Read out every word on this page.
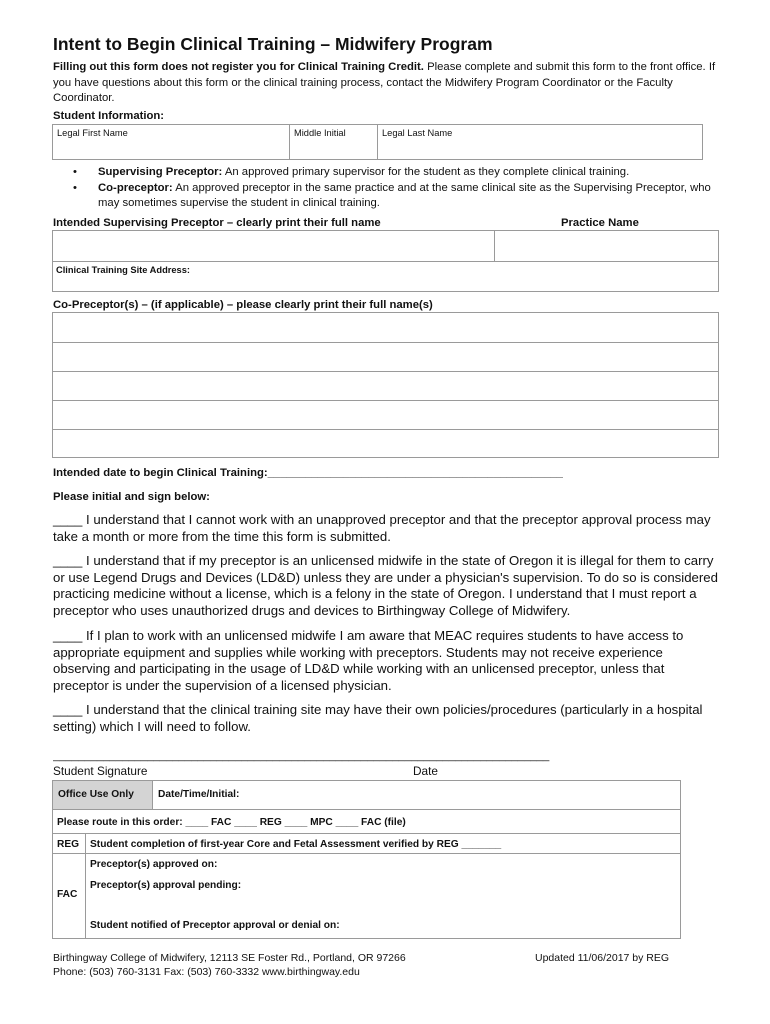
Intent to Begin Clinical Training – Midwifery Program
Filling out this form does not register you for Clinical Training Credit. Please complete and submit this form to the front office. If you have questions about this form or the clinical training process, contact the Midwifery Program Coordinator or the Faculty Coordinator.
Student Information:
Legal First Name	Middle Initial	Legal Last Name
•	Supervising Preceptor: An approved primary supervisor for the student as they complete clinical training.
•	Co-preceptor: An approved preceptor in the same practice and at the same clinical site as the Supervising Preceptor, who may sometimes supervise the student in clinical training.
Intended Supervising Preceptor – clearly print their full name	Practice Name
Clinical Training Site Address:
Co-Preceptor(s) – (if applicable) – please clearly print their full name(s)
Intended date to begin Clinical Training:_______________________________________________
Please initial and sign below:
____ I understand that I cannot work with an unapproved preceptor and that the preceptor approval process may take a month or more from the time this form is submitted.
____ I understand that if my preceptor is an unlicensed midwife in the state of Oregon it is illegal for them to carry or use Legend Drugs and Devices (LD&D) unless they are under a physician's supervision. To do so is considered practicing medicine without a license, which is a felony in the state of Oregon. I understand that I must report a preceptor who uses unauthorized drugs and devices to Birthingway College of Midwifery.
____ If I plan to work with an unlicensed midwife I am aware that MEAC requires students to have access to appropriate equipment and supplies while working with preceptors. Students may not receive experience observing and participating in the usage of LD&D while working with an unlicensed preceptor, unless that preceptor is under the supervision of a licensed physician.
____ I understand that the clinical training site may have their own policies/procedures (particularly in a hospital setting) which I will need to follow.
_______________________________________________________________________________
Student Signature	Date
Office Use Only	Date/Time/Initial:
Please route in this order: ____ FAC ____ REG ____ MPC ____ FAC (file)
REG Student completion of first-year Core and Fetal Assessment verified by REG _______
FAC
Preceptor(s) approved on:
Preceptor(s) approval pending:
Student notified of Preceptor approval or denial on:
Birthingway College of Midwifery, 12113 SE Foster Rd., Portland, OR 97266
Phone: (503) 760-3131 Fax: (503) 760-3332 www.birthingway.edu
Updated 11/06/2017 by REG
